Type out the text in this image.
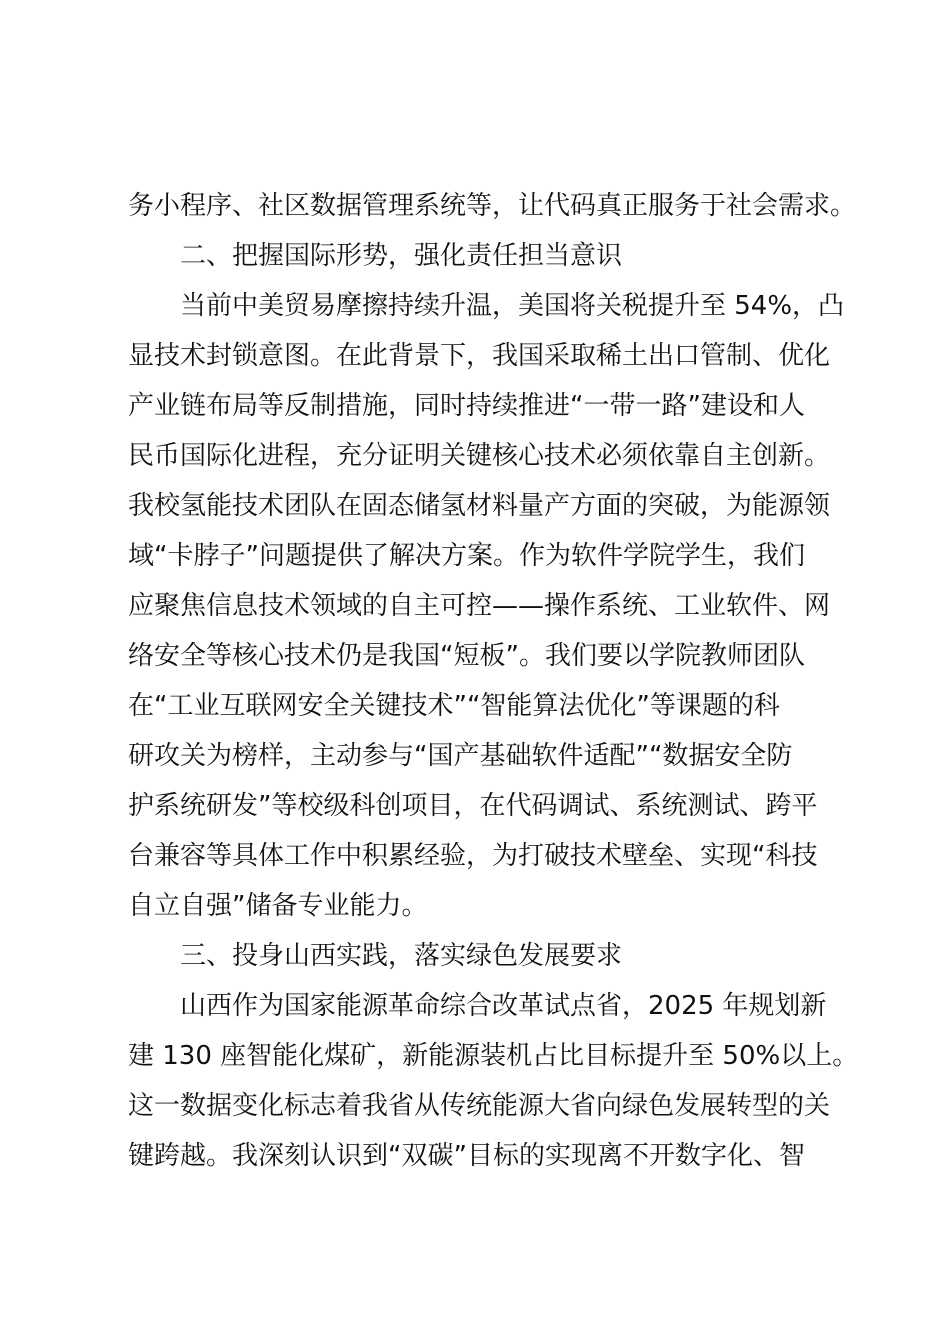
务小程序、社区数据管理系统等，让代码真正服务于社会需求。
二、把握国际形势，强化责任担当意识
当前中美贸易摩擦持续升温，美国将关税提升至 54%，凸
显技术封锁意图。在此背景下，我国采取稀土出口管制、优化
产业链布局等反制措施，同时持续推进“一带一路”建设和人
民币国际化进程，充分证明关键核心技术必须依靠自主创新。
我校氢能技术团队在固态储氢材料量产方面的突破，为能源领
域“卡脖子”问题提供了解决方案。作为软件学院学生，我们
应聚焦信息技术领域的自主可控——操作系统、工业软件、网
络安全等核心技术仍是我国“短板”。我们要以学院教师团队
在“工业互联网安全关键技术”“智能算法优化”等课题的科
研攻关为榜样，主动参与“国产基础软件适配”“数据安全防
护系统研发”等校级科创项目，在代码调试、系统测试、跨平
台兼容等具体工作中积累经验，为打破技术壁垒、实现“科技
自立自强”储备专业能力。
三、投身山西实践，落实绿色发展要求
山西作为国家能源革命综合改革试点省，2025 年规划新
建 130 座智能化煤矿，新能源装机占比目标提升至 50%以上。
这一数据变化标志着我省从传统能源大省向绿色发展转型的关
键跨越。我深刻认识到“双碳”目标的实现离不开数字化、智
